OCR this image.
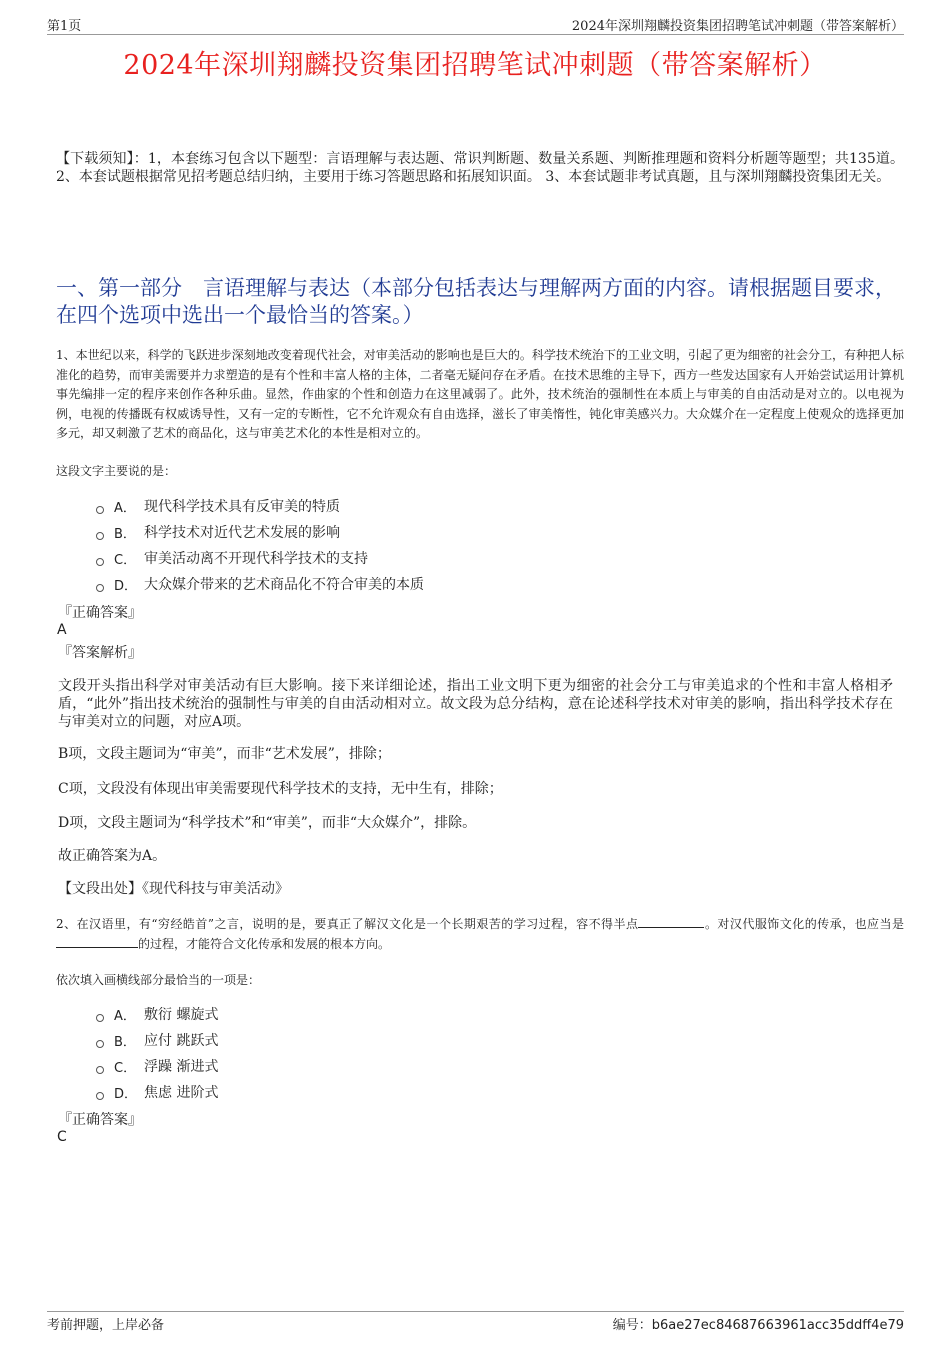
第1页	2024年深圳翔麟投资集团招聘笔试冲刺题（带答案解析）
2024年深圳翔麟投资集团招聘笔试冲刺题（带答案解析）
【下载须知】：1，本套练习包含以下题型：言语理解与表达题、常识判断题、数量关系题、判断推理题和资料分析题等题型；共135道。 2、本套试题根据常见招考题总结归纳，主要用于练习答题思路和拓展知识面。 3、本套试题非考试真题，且与深圳翔麟投资集团无关。
一、第一部分　言语理解与表达（本部分包括表达与理解两方面的内容。请根据题目要求，在四个选项中选出一个最恰当的答案。）
1、本世纪以来，科学的飞跃进步深刻地改变着现代社会，对审美活动的影响也是巨大的。科学技术统治下的工业文明，引起了更为细密的社会分工，有种把人标准化的趋势，而审美需要并力求塑造的是有个性和丰富人格的主体，二者毫无疑问存在矛盾。在技术思维的主导下，西方一些发达国家有人开始尝试运用计算机事先编排一定的程序来创作各种乐曲。显然，作曲家的个性和创造力在这里减弱了。此外，技术统治的强制性在本质上与审美的自由活动是对立的。以电视为例，电视的传播既有权威诱导性，又有一定的专断性，它不允许观众有自由选择，滋长了审美惰性，钝化审美感兴力。大众媒介在一定程度上使观众的选择更加多元，却又刺激了艺术的商品化，这与审美艺术化的本性是相对立的。
这段文字主要说的是：
A． 现代科学技术具有反审美的特质
B． 科学技术对近代艺术发展的影响
C． 审美活动离不开现代科学技术的支持
D． 大众媒介带来的艺术商品化不符合审美的本质
『正确答案』
A
『答案解析』
文段开头指出科学对审美活动有巨大影响。接下来详细论述，指出工业文明下更为细密的社会分工与审美追求的个性和丰富人格相矛盾，“此外”指出技术统治的强制性与审美的自由活动相对立。故文段为总分结构，意在论述科学技术对审美的影响，指出科学技术存在与审美对立的问题，对应A项。
B项，文段主题词为“审美”，而非“艺术发展”，排除；
C项，文段没有体现出审美需要现代科学技术的支持，无中生有，排除；
D项，文段主题词为“科学技术”和“审美”，而非“大众媒介”，排除。
故正确答案为A。
【文段出处】《现代科技与审美活动》
2、在汉语里，有“穷经皓首”之言，说明的是，要真正了解汉文化是一个长期艰苦的学习过程，容不得半点	。对汉代服饰文化的传承，也应当是的过程，才能符合文化传承和发展的根本方向。
依次填入画横线部分最恰当的一项是：
A． 敷衍 螺旋式
B． 应付 跳跃式
C． 浮躁 渐进式
D． 焦虑 进阶式
『正确答案』
C
考前押题，上岸必备	编号：b6ae27ec84687663961acc35ddff4e79
